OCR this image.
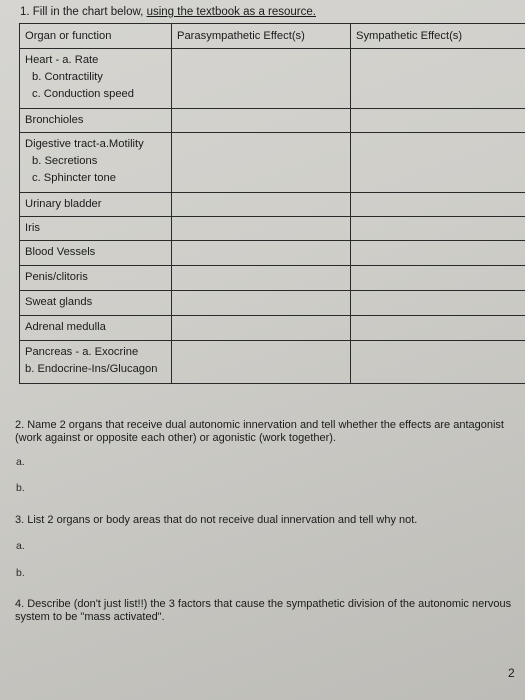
1. Fill in the chart below, using the textbook as a resource.
Organ or function	Parasympathetic Effect(s)	Sympathetic Effect(s)

Heart - a. Rate
b. Contractility
c. Conduction speed		

Bronchioles		

Digestive tract-a.Motility
b. Secretions
c. Sphincter tone		

Urinary bladder		

Iris		

Blood Vessels		

Penis/clitoris		

Sweat glands		

Adrenal medulla		

Pancreas - a. Exocrine
b. Endocrine-Ins/Glucagon		

2. Name 2 organs that receive dual autonomic innervation and tell whether the effects are antagonist (work against or opposite each other) or agonistic (work together).
a.
b.
3. List 2 organs or body areas that do not receive dual innervation and tell why not.
a.
b.
4. Describe (don't just list!!) the 3 factors that cause the sympathetic division of the autonomic nervous system to be "mass activated".
2
